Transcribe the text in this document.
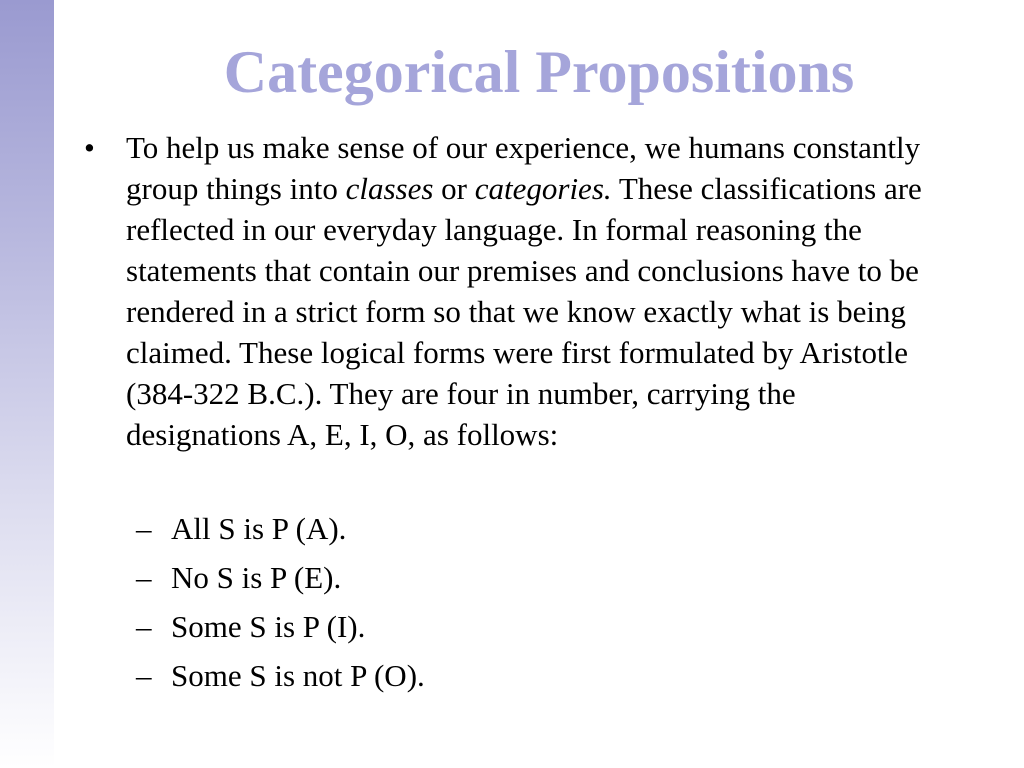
Categorical Propositions
•	To help us make sense of our experience, we humans constantly group things into classes or categories. These classifications are reflected in our everyday language. In formal reasoning the statements that contain our premises and conclusions have to be rendered in a strict form so that we know exactly what is being claimed. These logical forms were first formulated by Aristotle (384-322 B.C.). They are four in number, carrying the designations A, E, I, O, as follows:
– All S is P (A).
– No S is P (E).
– Some S is P (I).
– Some S is not P (O).
